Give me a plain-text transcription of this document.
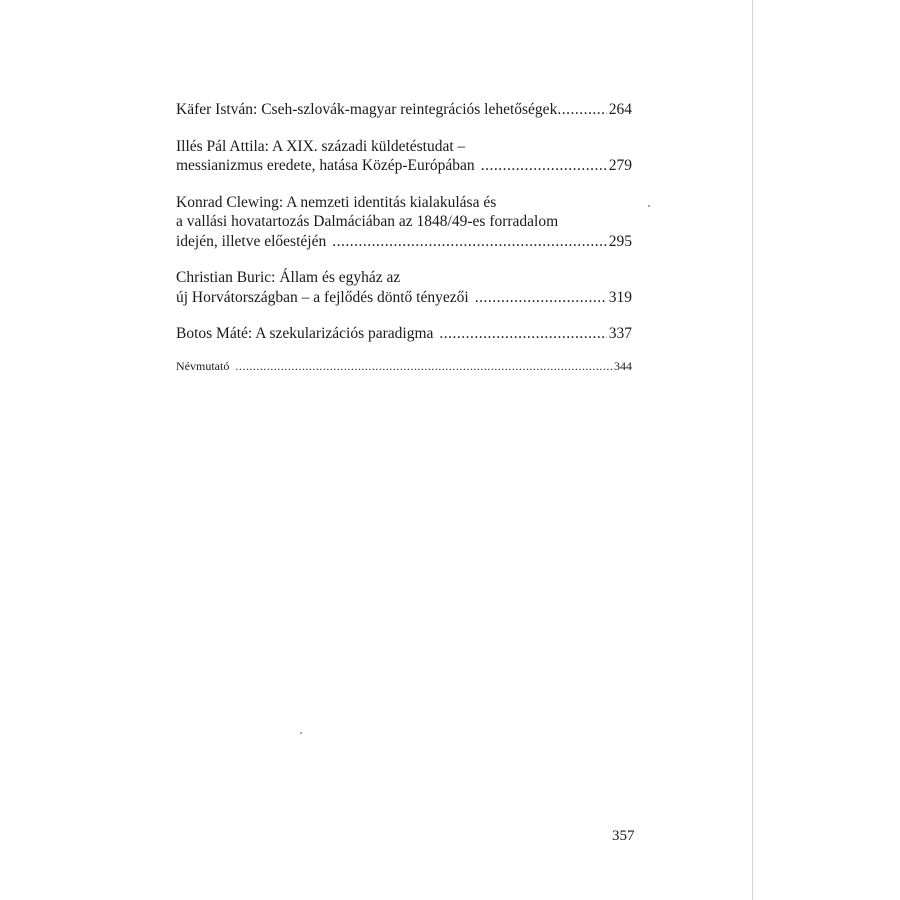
Käfer István: Cseh-szlovák-magyar reintegrációs lehetőségek .....	264
Illés Pál Attila: A XIX. századi küldetéstudat –
messianizmus eredete, hatása Közép-Európában .....	279
Konrad Clewing: A nemzeti identitás kialakulása és
a vallási hovatartozás Dalmáciában az 1848/49-es forradalom
idején, illetve előestéjén .....	295
Christian Buric: Állam és egyház az
új Horvátországban – a fejlődés döntő tényezői .....	319
Botos Máté: A szekularizációs paradigma .....	337
Névmutató .....	344
357
